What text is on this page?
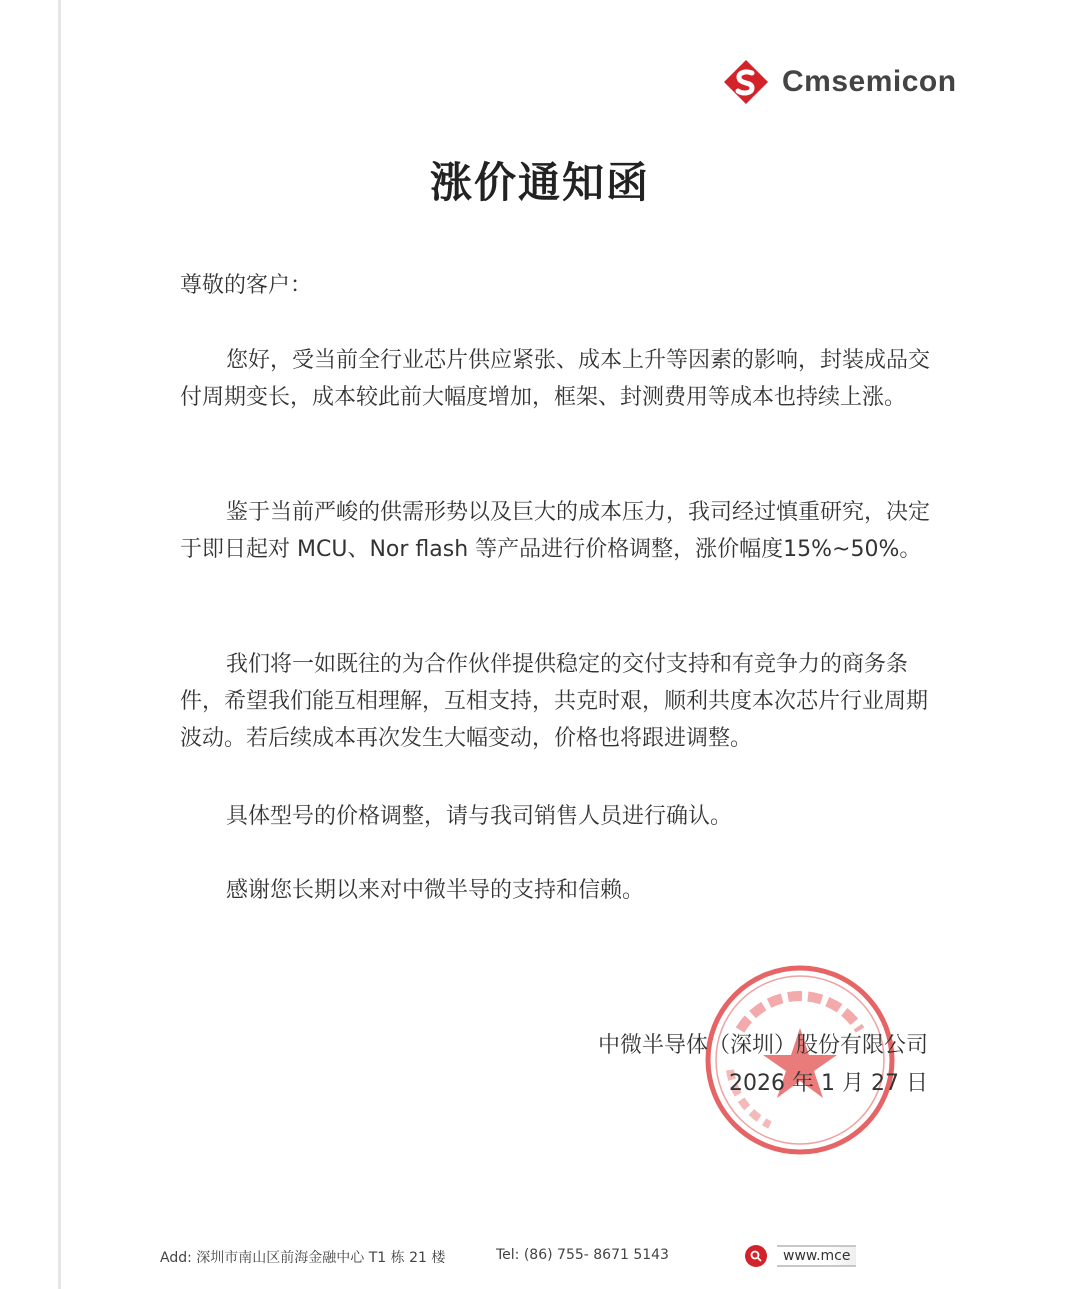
Cmsemicon
涨价通知函
尊敬的客户：

您好，受当前全行业芯片供应紧张、成本上升等因素的影响，封装成品交付周期变长，成本较此前大幅度增加，框架、封测费用等成本也持续上涨。

鉴于当前严峻的供需形势以及巨大的成本压力，我司经过慎重研究，决定于即日起对 MCU、Nor flash 等产品进行价格调整，涨价幅度15%~50%。

我们将一如既往的为合作伙伴提供稳定的交付支持和有竞争力的商务条件，希望我们能互相理解，互相支持，共克时艰，顺利共度本次芯片行业周期波动。若后续成本再次发生大幅变动，价格也将跟进调整。

具体型号的价格调整，请与我司销售人员进行确认。

感谢您长期以来对中微半导的支持和信赖。

中微半导体（深圳）股份有限公司
2026 年 1 月 27 日
Add: 深圳市南山区前海金融中心 T1 栋 21 楼	Tel: (86) 755- 8671 5143	www.mce
